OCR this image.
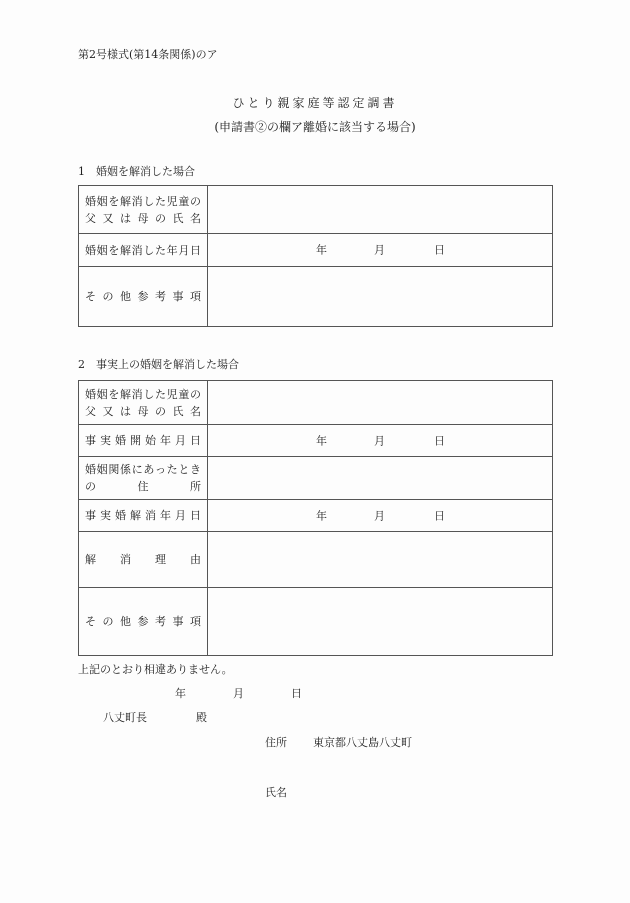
第2号様式(第14条関係)のア
ひとり親家庭等認定調書
(申請書②の欄ア離婚に該当する場合)
1　婚姻を解消した場合
婚姻を解消した児童の
父又は母の氏名	

婚姻を解消した年月日	年 月 日

その他参考事項	

2　事実上の婚姻を解消した場合
婚姻を解消した児童の
父又は母の氏名	

事実婚開始年月日	年 月 日

婚姻関係にあったとき
の住所	

事実婚解消年月日	年 月 日

解消理由	

その他参考事項	

上記のとおり相違ありません。
年	月	日
八丈町長	殿
住所 東京都八丈島八丈町
氏名
